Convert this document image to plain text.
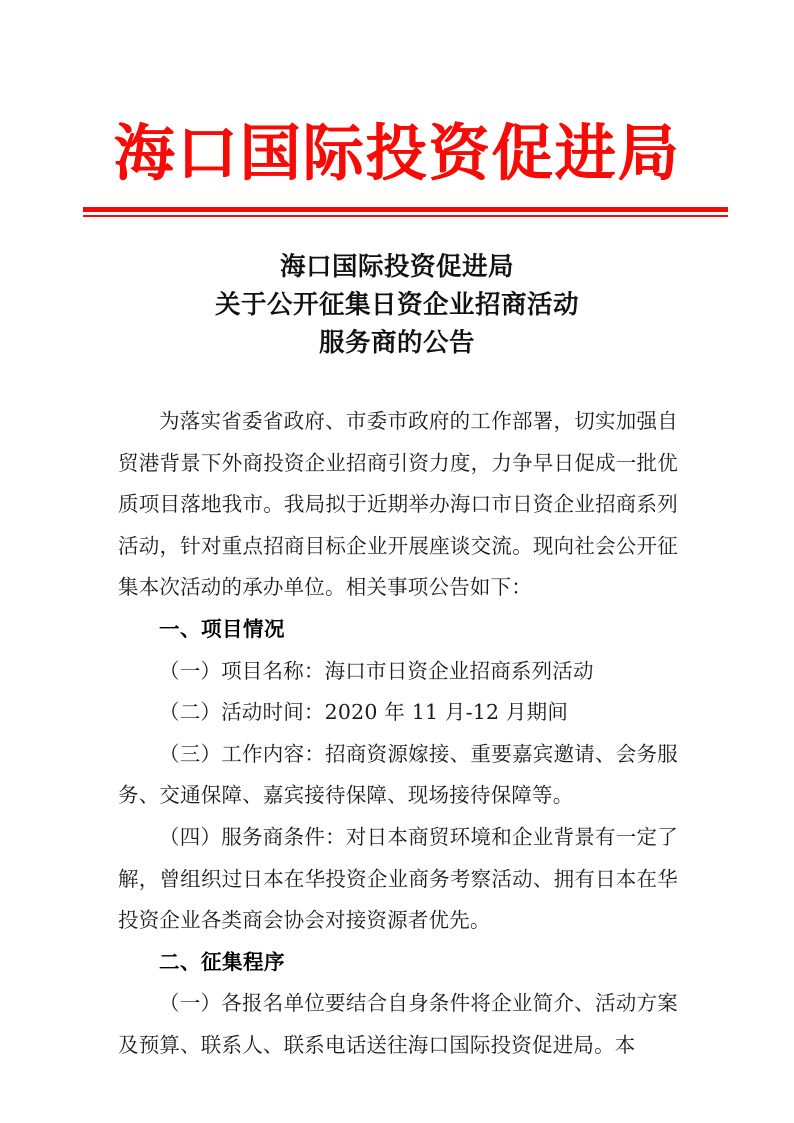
海口国际投资促进局
海口国际投资促进局
关于公开征集日资企业招商活动
服务商的公告

为落实省委省政府、市委市政府的工作部署，切实加强自贸港背景下外商投资企业招商引资力度，力争早日促成一批优质项目落地我市。我局拟于近期举办海口市日资企业招商系列活动，针对重点招商目标企业开展座谈交流。现向社会公开征集本次活动的承办单位。相关事项公告如下：

一、项目情况

（一）项目名称：海口市日资企业招商系列活动

（二）活动时间：2020 年 11 月-12 月期间

（三）工作内容：招商资源嫁接、重要嘉宾邀请、会务服务、交通保障、嘉宾接待保障、现场接待保障等。

（四）服务商条件：对日本商贸环境和企业背景有一定了解，曾组织过日本在华投资企业商务考察活动、拥有日本在华投资企业各类商会协会对接资源者优先。

二、征集程序

（一）各报名单位要结合自身条件将企业简介、活动方案及预算、联系人、联系电话送往海口国际投资促进局。本
